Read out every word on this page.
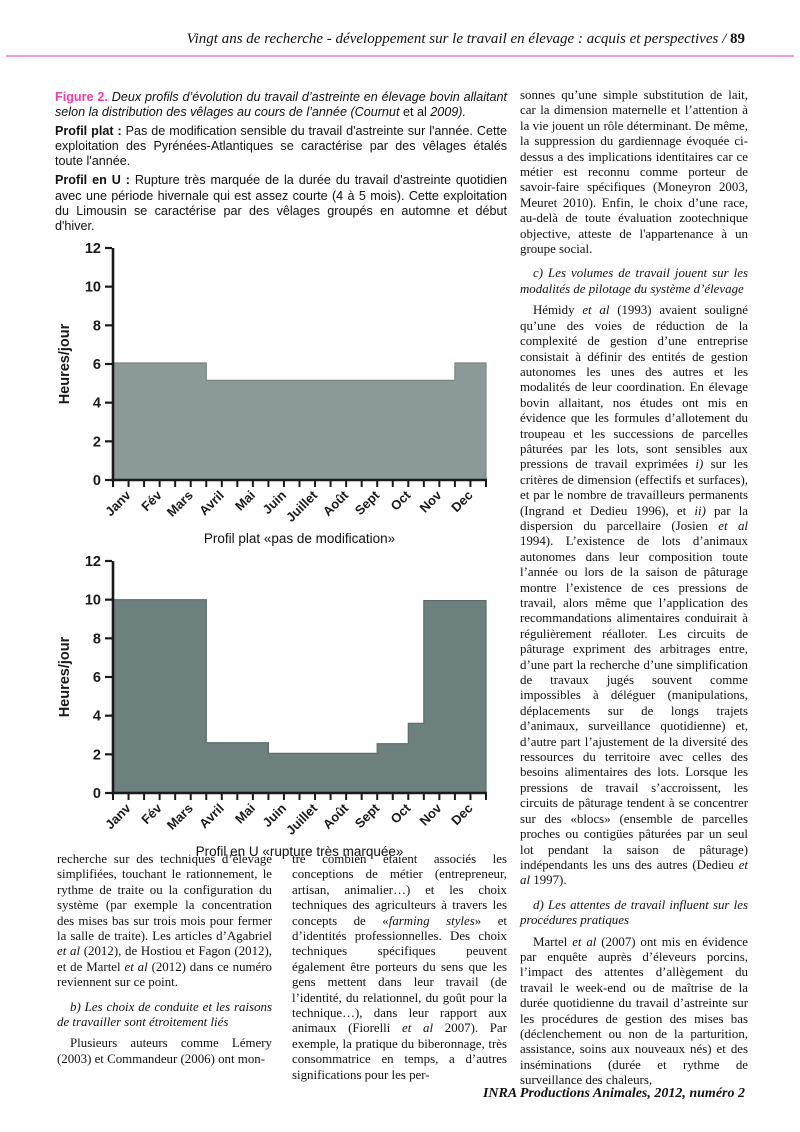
Vingt ans de recherche - développement sur le travail en élevage : acquis et perspectives / 89

Figure 2. Deux profils d’évolution du travail d’astreinte en élevage bovin allaitant selon la distribution des vêlages au cours de l’année (Cournut et al 2009).

Profil plat : Pas de modification sensible du travail d'astreinte sur l'année. Cette exploitation des Pyrénées-Atlantiques se caractérise par des vêlages étalés toute l'année.

Profil en U : Rupture très marquée de la durée du travail d'astreinte quotidien avec une période hivernale qui est assez courte (4 à 5 mois). Cette exploitation du Limousin se caractérise par des vêlages groupés en automne et début d'hiver.

0
2
4
6
8
10
12
Janv Fév Mars Avril Mai Juin
Juillet Août Sept Oct Nov Dec
Heures/jour
Profil plat «pas de modification»
0
2
4
6
8
10
12
Janv Fév Mars Avril Mai Juin
Juillet Août Sept Oct Nov Dec
Heures/jour
Profil en U «rupture très marquée»

sonnes qu’une simple substitution de lait, car la dimension maternelle et l’attention à la vie jouent un rôle déterminant. De même, la suppression du gardiennage évoquée ci-dessus a des implications identitaires car ce métier est reconnu comme porteur de savoir-faire spécifiques (Moneyron 2003, Meuret 2010). Enfin, le choix d’une race, au-delà de toute évaluation zootechnique objective, atteste de l'appartenance à un groupe social.

c) Les volumes de travail jouent sur les modalités de pilotage du système d’élevage

Hémidy et al (1993) avaient souligné qu’une des voies de réduction de la complexité de gestion d’une entreprise consistait à définir des entités de gestion autonomes les unes des autres et les modalités de leur coordination. En élevage bovin allaitant, nos études ont mis en évidence que les formules d’allotement du troupeau et les successions de parcelles pâturées par les lots, sont sensibles aux pressions de travail exprimées i) sur les critères de dimension (effectifs et surfaces), et par le nombre de travailleurs permanents (Ingrand et Dedieu 1996), et ii) par la dispersion du parcellaire (Josien et al 1994). L’existence de lots d’animaux autonomes dans leur composition toute l’année ou lors de la saison de pâturage montre l’existence de ces pressions de travail, alors même que l’application des recommandations alimentaires conduirait à régulièrement réalloter. Les circuits de pâturage expriment des arbitrages entre, d’une part la recherche d’une simplification de travaux jugés souvent comme impossibles à déléguer (manipulations, déplacements sur de longs trajets d’animaux, surveillance quotidienne) et, d’autre part l’ajustement de la diversité des ressources du territoire avec celles des besoins alimentaires des lots. Lorsque les pressions de travail s’accroissent, les circuits de pâturage tendent à se concentrer sur des «blocs» (ensemble de parcelles proches ou contigües pâturées par un seul lot pendant la saison de pâturage) indépendants les uns des autres (Dedieu et al 1997).

d) Les attentes de travail influent sur les procédures pratiques

Martel et al (2007) ont mis en évidence par enquête auprès d’éleveurs porcins, l’impact des attentes d’allègement du travail le week-end ou de maîtrise de la durée quotidienne du travail d’astreinte sur les procédures de gestion des mises bas (déclenchement ou non de la parturition, assistance, soins aux nouveaux nés) et des inséminations (durée et rythme de surveillance des chaleurs,

recherche sur des techniques d’élevage simplifiées, touchant le rationnement, le rythme de traite ou la configuration du système (par exemple la concentration des mises bas sur trois mois pour fermer la salle de traite). Les articles d’Agabriel et al (2012), de Hostiou et Fagon (2012), et de Martel et al (2012) dans ce numéro reviennent sur ce point.

b) Les choix de conduite et les raisons de travailler sont étroitement liés

Plusieurs auteurs comme Lémery (2003) et Commandeur (2006) ont mon-

tré combien étaient associés les conceptions de métier (entrepreneur, artisan, animalier…) et les choix techniques des agriculteurs à travers les concepts de «farming styles» et d’identités professionnelles. Des choix techniques spécifiques peuvent également être porteurs du sens que les gens mettent dans leur travail (de l’identité, du relationnel, du goût pour la technique…), dans leur rapport aux animaux (Fiorelli et al 2007). Par exemple, la pratique du biberonnage, très consommatrice en temps, a d’autres significations pour les per-

INRA Productions Animales, 2012, numéro 2
